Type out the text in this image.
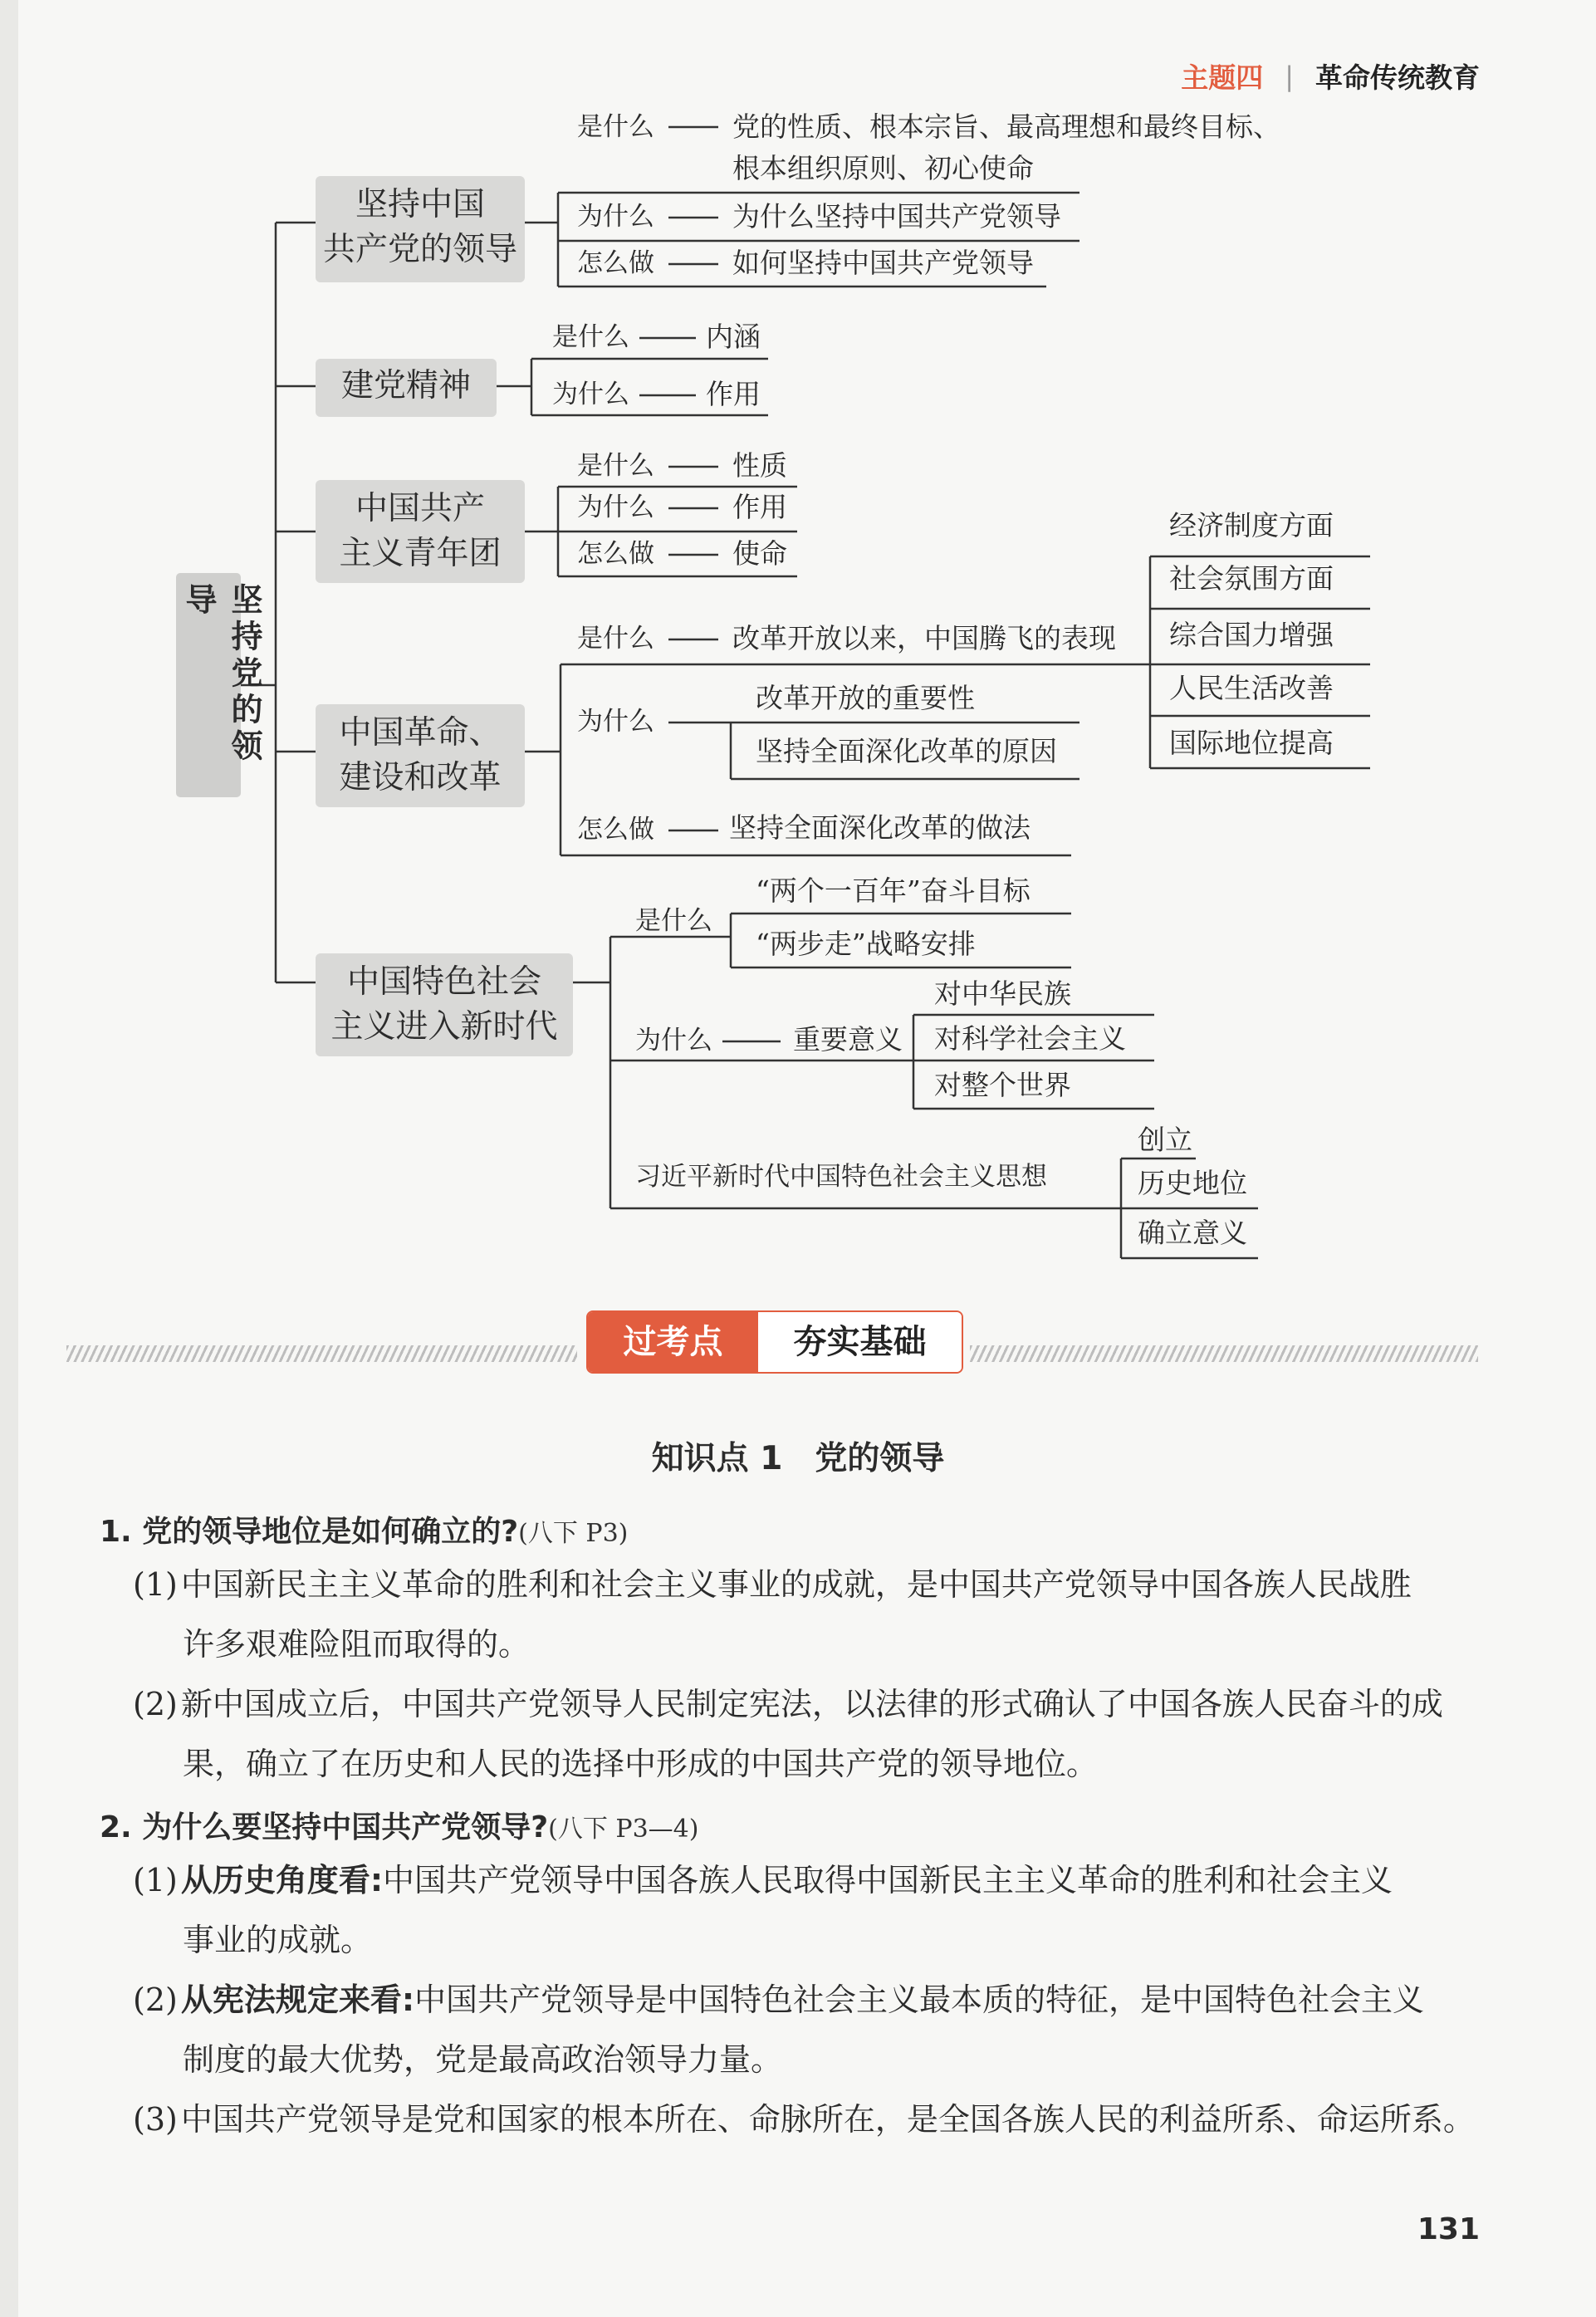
主题四 | 革命传统教育
坚持党的领导
坚持中国
共产党的领导
是什么	党的性质、根本宗旨、最高理想和最终目标、
根本组织原则、初心使命
为什么	为什么坚持中国共产党领导
怎么做	如何坚持中国共产党领导
建党精神
是什么	内涵
为什么	作用
中国共产
主义青年团
是什么	性质
为什么	作用
怎么做	使命
中国革命、
建设和改革
是什么	改革开放以来，中国腾飞的表现
经济制度方面
社会氛围方面
综合国力增强
人民生活改善
国际地位提高
为什么
改革开放的重要性
坚持全面深化改革的原因
怎么做	坚持全面深化改革的做法
中国特色社会
主义进入新时代
是什么
“两个一百年”奋斗目标
“两步走”战略安排
为什么	重要意义
对中华民族
对科学社会主义
对整个世界
习近平新时代中国特色社会主义思想
创立
历史地位
确立意义
过考点	夯实基础
知识点 1　党的领导
1. 党的领导地位是如何确立的?(八下 P3)
(1) 中国新民主主义革命的胜利和社会主义事业的成就，是中国共产党领导中国各族人民战胜
许多艰难险阻而取得的。
(2) 新中国成立后，中国共产党领导人民制定宪法，以法律的形式确认了中国各族人民奋斗的成
果，确立了在历史和人民的选择中形成的中国共产党的领导地位。
2. 为什么要坚持中国共产党领导?(八下 P3—4)
(1) 从历史角度看:中国共产党领导中国各族人民取得中国新民主主义革命的胜利和社会主义
事业的成就。
(2) 从宪法规定来看:中国共产党领导是中国特色社会主义最本质的特征，是中国特色社会主义
制度的最大优势，党是最高政治领导力量。
(3) 中国共产党领导是党和国家的根本所在、命脉所在，是全国各族人民的利益所系、命运所系。
131
